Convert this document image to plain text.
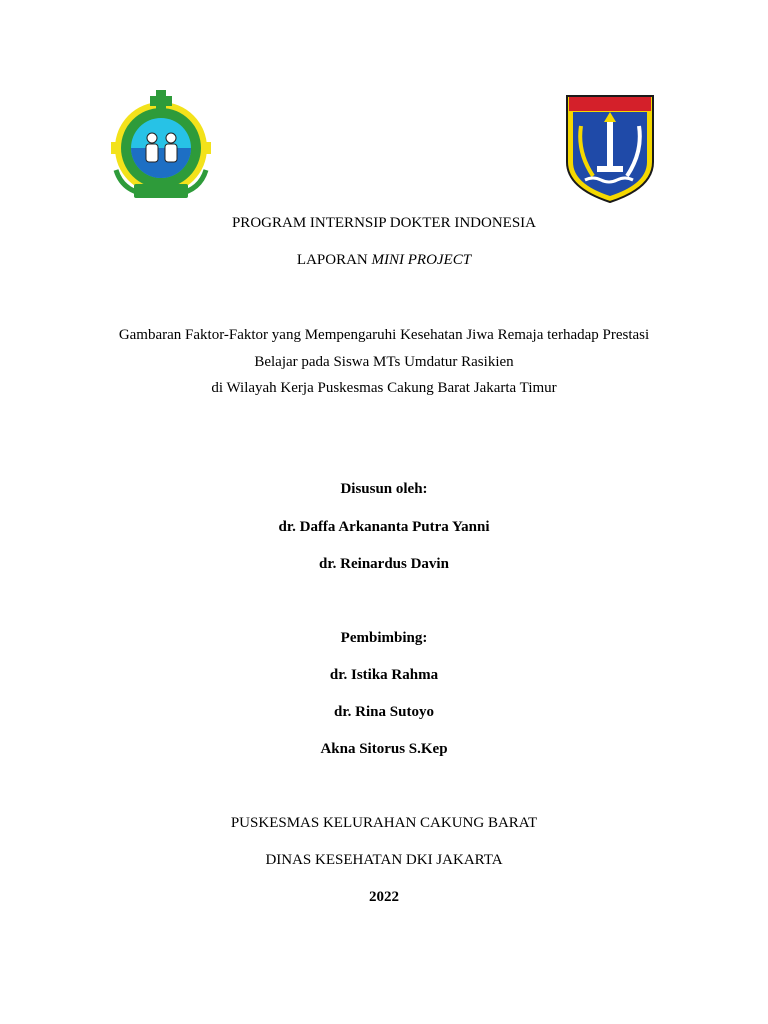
PROGRAM INTERNSIP DOKTER INDONESIA
LAPORAN MINI PROJECT
Gambaran Faktor-Faktor yang Mempengaruhi Kesehatan Jiwa Remaja terhadap Prestasi
Belajar pada Siswa MTs Umdatur Rasikien
di Wilayah Kerja Puskesmas Cakung Barat Jakarta Timur
Disusun oleh:
dr. Daffa Arkananta Putra Yanni
dr. Reinardus Davin
Pembimbing:
dr. Istika Rahma
dr. Rina Sutoyo
Akna Sitorus S.Kep
PUSKESMAS KELURAHAN CAKUNG BARAT
DINAS KESEHATAN DKI JAKARTA
2022
